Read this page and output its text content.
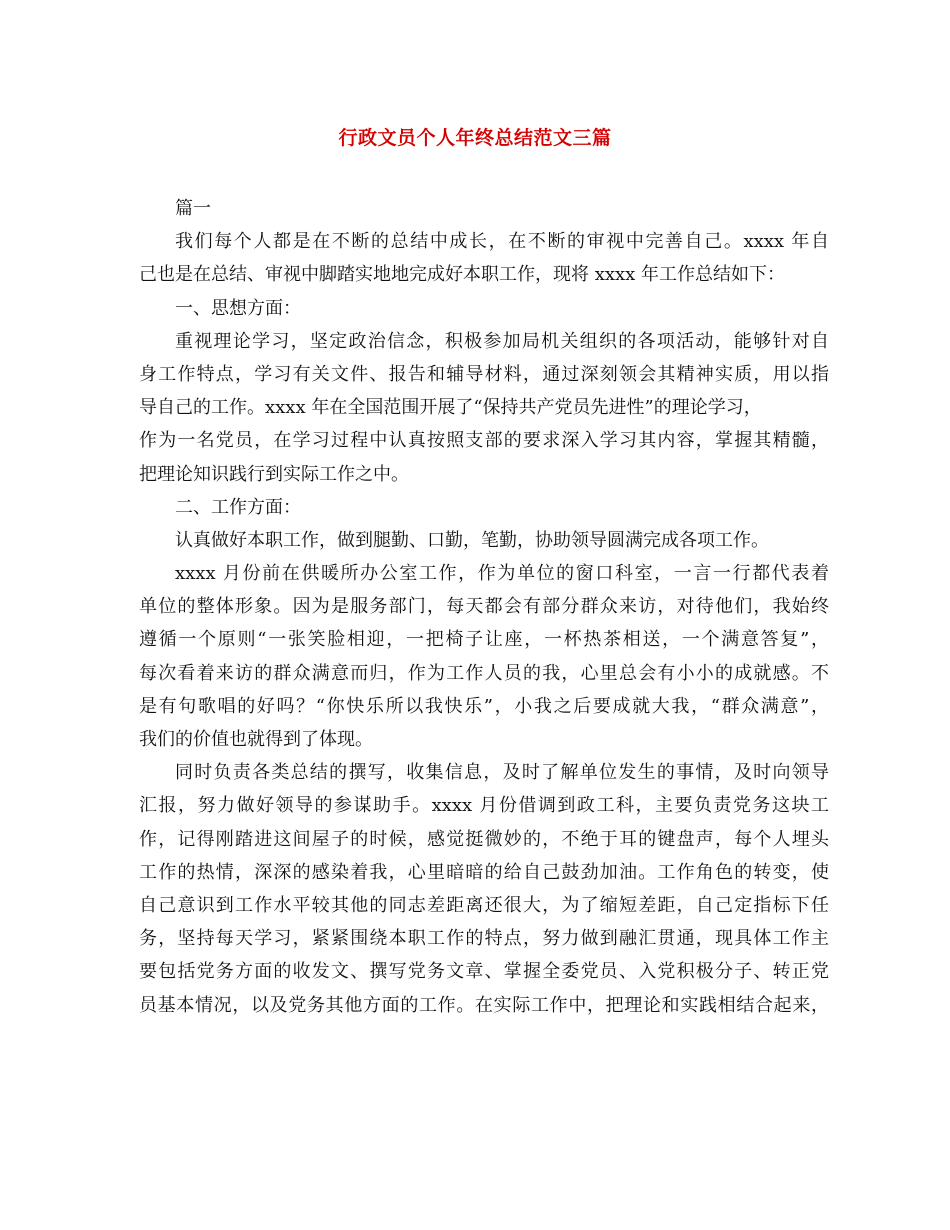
行政文员个人年终总结范文三篇
篇一
我们每个人都是在不断的总结中成长，在不断的审视中完善自己。xxxx 年自
己也是在总结、审视中脚踏实地地完成好本职工作，现将 xxxx 年工作总结如下：
一、思想方面：
重视理论学习，坚定政治信念，积极参加局机关组织的各项活动，能够针对自
身工作特点，学习有关文件、报告和辅导材料，通过深刻领会其精神实质，用以指
导自己的工作。xxxx 年在全国范围开展了“保持共产党员先进性”的理论学习，
作为一名党员，在学习过程中认真按照支部的要求深入学习其内容，掌握其精髓，
把理论知识践行到实际工作之中。
二、工作方面：
认真做好本职工作，做到腿勤、口勤，笔勤，协助领导圆满完成各项工作。
xxxx 月份前在供暖所办公室工作，作为单位的窗口科室，一言一行都代表着
单位的整体形象。因为是服务部门，每天都会有部分群众来访，对待他们，我始终
遵循一个原则“一张笑脸相迎，一把椅子让座，一杯热茶相送，一个满意答复”，
每次看着来访的群众满意而归，作为工作人员的我，心里总会有小小的成就感。不
是有句歌唱的好吗？“你快乐所以我快乐”，小我之后要成就大我，“群众满意”，
我们的价值也就得到了体现。
同时负责各类总结的撰写，收集信息，及时了解单位发生的事情，及时向领导
汇报，努力做好领导的参谋助手。xxxx 月份借调到政工科，主要负责党务这块工
作，记得刚踏进这间屋子的时候，感觉挺微妙的，不绝于耳的键盘声，每个人埋头
工作的热情，深深的感染着我，心里暗暗的给自己鼓劲加油。工作角色的转变，使
自己意识到工作水平较其他的同志差距离还很大，为了缩短差距，自己定指标下任
务，坚持每天学习，紧紧围绕本职工作的特点，努力做到融汇贯通，现具体工作主
要包括党务方面的收发文、撰写党务文章、掌握全委党员、入党积极分子、转正党
员基本情况，以及党务其他方面的工作。在实际工作中，把理论和实践相结合起来，
